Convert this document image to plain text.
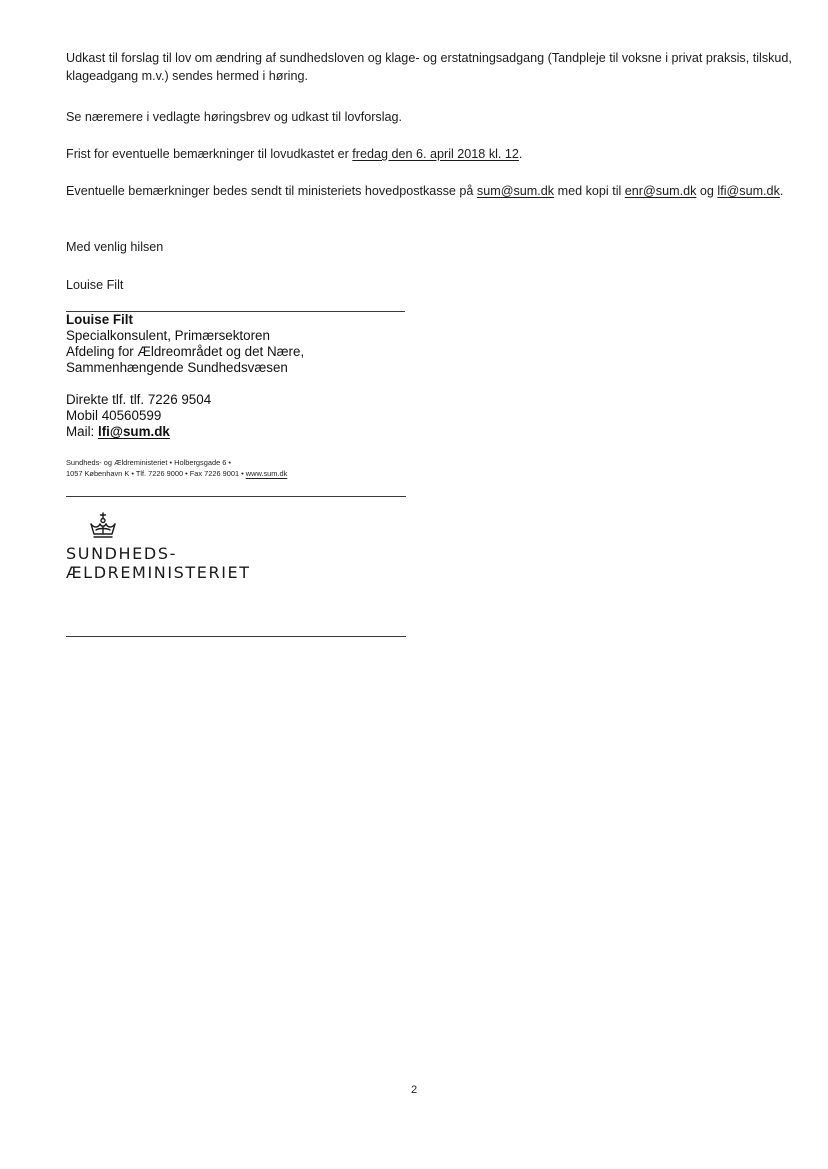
Udkast til forslag til lov om ændring af sundhedsloven og klage- og erstatningsadgang (Tandpleje til voksne i privat praksis, tilskud, klageadgang m.v.) sendes hermed i høring.

Se næremere i vedlagte høringsbrev og udkast til lovforslag.

Frist for eventuelle bemærkninger til lovudkastet er fredag den 6. april 2018 kl. 12.

Eventuelle bemærkninger bedes sendt til ministeriets hovedpostkasse på sum@sum.dk med kopi til enr@sum.dk og lfi@sum.dk.

Med venlig hilsen

Louise Filt

Louise Filt
Specialkonsulent, Primærsektoren
Afdeling for Ældreområdet og det Nære,
Sammenhængende Sundhedsvæsen
Direkte tlf. tlf. 7226 9504
Mobil 40560599
Mail: lfi@sum.dk
Sundheds- og Ældreministeriet • Holbergsgade 6 •
1057 København K • Tlf. 7226 9000 • Fax 7226 9001 • www.sum.dk
SUNDHEDS-
ÆLDREMINISTERIET
2
